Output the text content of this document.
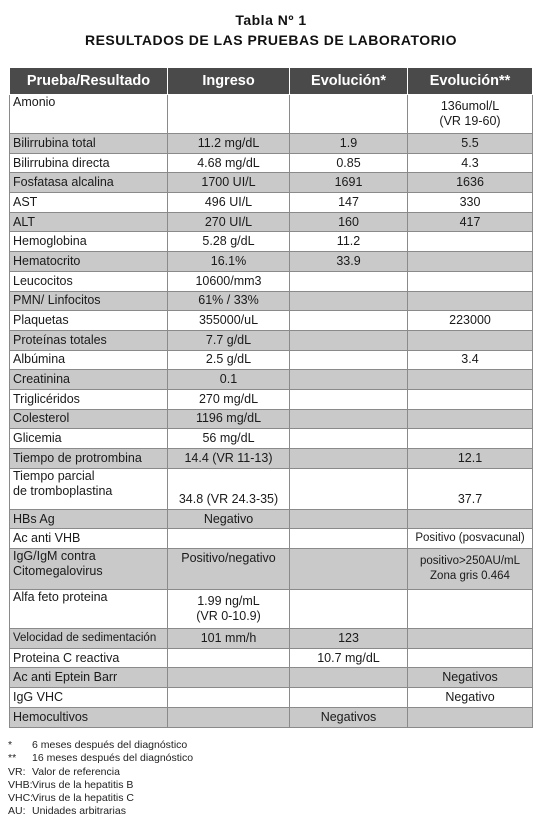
Tabla Nº 1
RESULTADOS DE LAS PRUEBAS DE LABORATORIO
Prueba/Resultado	Ingreso	Evolución*	Evolución**
Amonio			136umol/L
(VR 19-60)

Bilirrubina total	11.2 mg/dL	1.9	5.5
Bilirrubina directa	4.68 mg/dL	0.85	4.3
Fosfatasa alcalina	1700 UI/L	1691	1636
AST	496 UI/L	147	330
ALT	270 UI/L	160	417
Hemoglobina	5.28 g/dL	11.2	
Hematocrito	16.1%	33.9	
Leucocitos	10600/mm3		
PMN/ Linfocitos	61% / 33%		
Plaquetas	355000/uL		223000
Proteínas totales	7.7 g/dL		
Albúmina	2.5 g/dL		3.4
Creatinina	0.1		
Triglicéridos	270 mg/dL		
Colesterol	1196 mg/dL		
Glicemia	56 mg/dL		
Tiempo de protrombina	14.4 (VR 11-13)		12.1

Tiempo parcial
de tromboplastina	34.8 (VR 24.3-35)		37.7
HBs Ag	Negativo		
Ac anti VHB			Positivo (posvacunal)

IgG/IgM contra
Citomegalovirus	Positivo/negativo		positivo>250AU/mL
Zona gris 0.464

Alfa feto proteina	1.99 ng/mL
(VR 0-10.9)		

Velocidad de sedimentación	101 mm/h	123	
Proteina C reactiva		10.7 mg/dL	
Ac anti Eptein Barr			Negativos
IgG VHC			Negativo
Hemocultivos		Negativos	
*	6 meses después del diagnóstico
**	16 meses después del diagnóstico
VR: Valor de referencia
VHB: Virus de la hepatitis B
VHC:
Virus de la hepatitis C
AU: Unidades arbitrarias
